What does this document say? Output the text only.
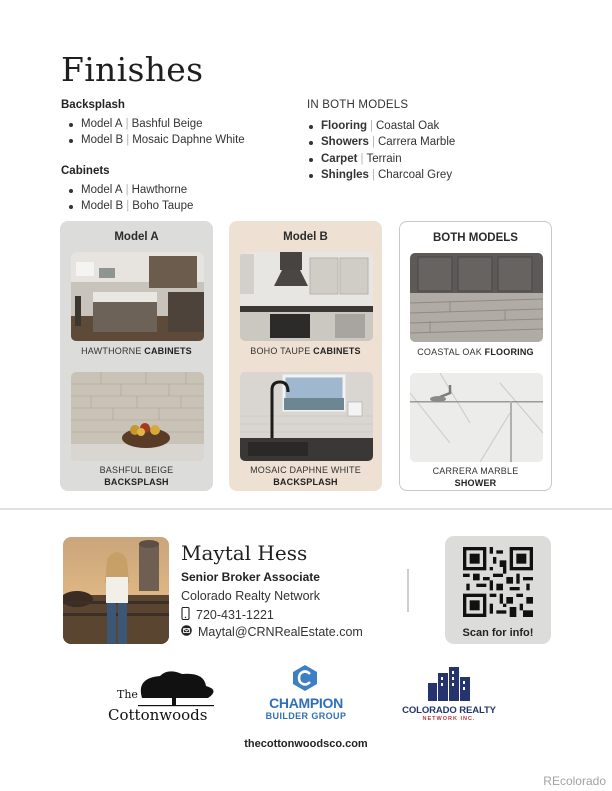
Finishes
Backsplash
Model A | Bashful Beige
Model B | Mosaic Daphne White
Cabinets
Model A | Hawthorne
Model B | Boho Taupe
IN BOTH MODELS
Flooring | Coastal Oak
Showers | Carrera Marble
Carpet | Terrain
Shingles | Charcoal Grey
Model A
HAWTHORNE CABINETS
BASHFUL BEIGE
BACKSPLASH
Model B
BOHO TAUPE CABINETS
MOSAIC DAPHNE WHITE
BACKSPLASH
BOTH MODELS
COASTAL OAK FLOORING
CARRERA MARBLE
SHOWER
Maytal Hess
Senior Broker Associate
Colorado Realty Network
720-431-1221
Maytal@CRNRealEstate.com	Scan for info!
The
Cottonwoods
CHAMPION
BUILDER GROUP	COLORADO REALTY
NETWORK INC.
thecottonwoodsco.com
REcolorado
